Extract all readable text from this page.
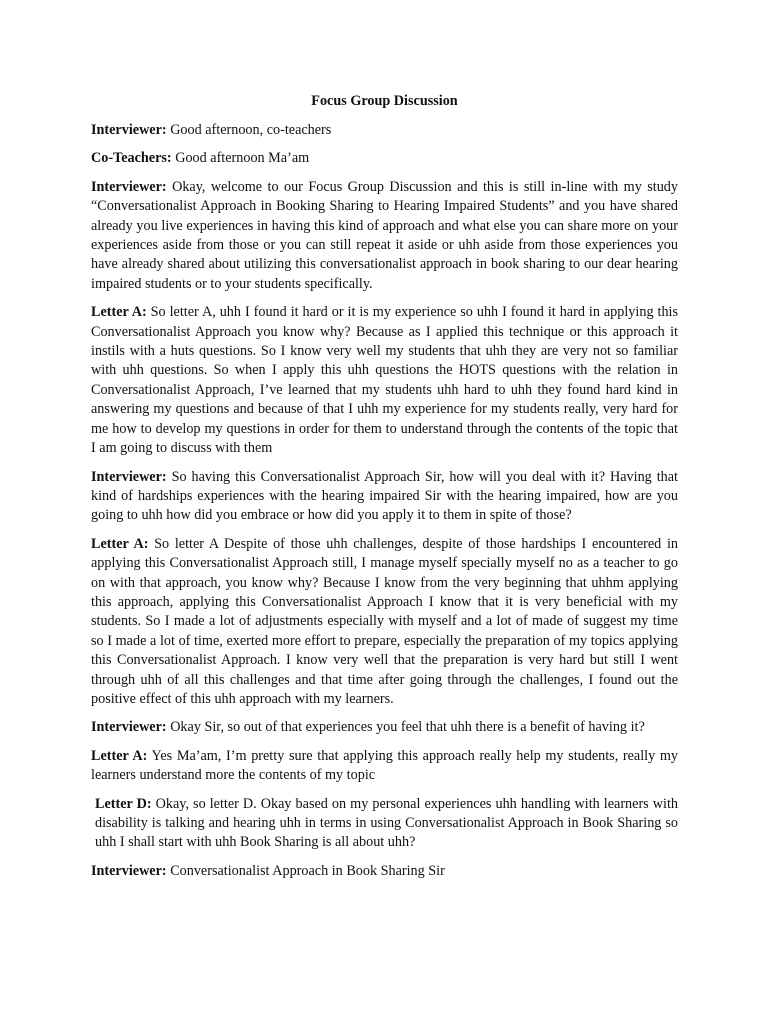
Focus Group Discussion

Interviewer: Good afternoon, co-teachers

Co-Teachers: Good afternoon Ma’am

Interviewer: Okay, welcome to our Focus Group Discussion and this is still in-line with my study “Conversationalist Approach in Booking Sharing to Hearing Impaired Students” and you have shared already you live experiences in having this kind of approach and what else you can share more on your experiences aside from those or you can still repeat it aside or uhh aside from those experiences you have already shared about utilizing this conversationalist approach in book sharing to our dear hearing impaired students or to your students specifically.

Letter A: So letter A, uhh I found it hard or it is my experience so uhh I found it hard in applying this Conversationalist Approach you know why? Because as I applied this technique or this approach it instils with a huts questions. So I know very well my students that uhh they are very not so familiar with uhh questions. So when I apply this uhh questions the HOTS questions with the relation in Conversationalist Approach, I’ve learned that my students uhh hard to uhh they found hard kind in answering my questions and because of that I uhh my experience for my students really, very hard for me how to develop my questions in order for them to understand through the contents of the topic that I am going to discuss with them

Interviewer: So having this Conversationalist Approach Sir, how will you deal with it? Having that kind of hardships experiences with the hearing impaired Sir with the hearing impaired, how are you going to uhh how did you embrace or how did you apply it to them in spite of those?

Letter A: So letter A Despite of those uhh challenges, despite of those hardships I encountered in applying this Conversationalist Approach still, I manage myself specially myself no as a teacher to go on with that approach, you know why? Because I know from the very beginning that uhhm applying this approach, applying this Conversationalist Approach I know that it is very beneficial with my students. So I made a lot of adjustments especially with myself and a lot of made of suggest my time so I made a lot of time, exerted more effort to prepare, especially the preparation of my topics applying this Conversationalist Approach. I know very well that the preparation is very hard but still I went through uhh of all this challenges and that time after going through the challenges, I found out the positive effect of this uhh approach with my learners.

Interviewer: Okay Sir, so out of that experiences you feel that uhh there is a benefit of having it?

Letter A: Yes Ma’am, I’m pretty sure that applying this approach really help my students, really my learners understand more the contents of my topic

Letter D: Okay, so letter D. Okay based on my personal experiences uhh handling with learners with disability is talking and hearing uhh in terms in using Conversationalist Approach in Book Sharing so uhh I shall start with uhh Book Sharing is all about uhh?

Interviewer: Conversationalist Approach in Book Sharing Sir
